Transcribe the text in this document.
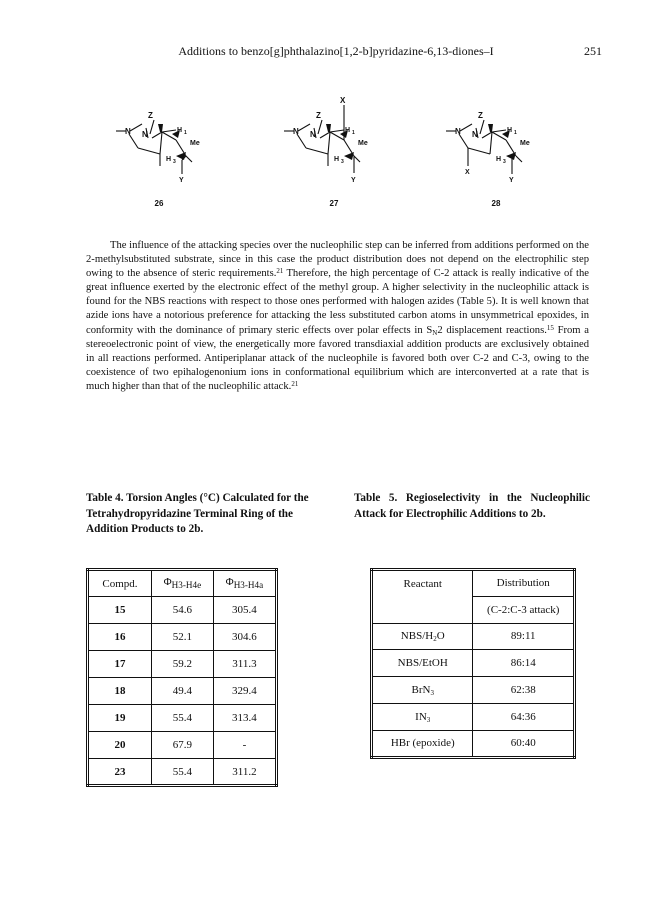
Additions to benzo[g]phthalazino[1,2-b]pyridazine-6,13-diones–I	251
Z
N N	H 1
Me
H 3
Y
X
Z
N N	H 1
Me
H 3
Y
Z
N N	H 1
Me
H 3
X
Y
26	27	28

The influence of the attacking species over the nucleophilic step can be inferred from additions performed on the 2-methylsubstituted substrate, since in this case the product distribution does not depend on the electrophilic step owing to the absence of steric requirements.$^{21}$ Therefore, the high percentage of C-2 attack is really indicative of the great influence exerted by the electronic effect of the methyl group. A higher selectivity in the nucleophilic attack is found for the NBS reactions with respect to those ones performed with halogen azides (Table 5). It is well known that azide ions have a notorious preference for attacking the less substituted carbon atoms in unsymmetrical epoxides, in conformity with the dominance of primary steric effects over polar effects in $S_N2$ displacement reactions.$^{15}$ From a stereoelectronic point of view, the energetically more favored transdiaxial addition products are exclusively obtained in all reactions performed. Antiperiplanar attack of the nucleophile is favored both over C-2 and C-3, owing to the coexistence of two epihalogenonium ions in conformational equilibrium which are interconverted at a rate that is much higher than that of the nucleophilic attack.$^{21}$

Table 4. Torsion Angles (°C) Calculated for the Tetrahydropyridazine Terminal Ring of the Addition Products to 2b.
Table 5. Regioselectivity in the Nucleophilic Attack for Electrophilic Additions to 2b.
Compd.	$\Phi_{H3-H4e}$	$\Phi_{H3-H4a}$
15	54.6	305.4
16	52.1	304.6
17	59.2	311.3
18	49.4	329.4
19	55.4	313.4
20	67.9	-
23	55.4	311.2
Reactant	Distribution
	(C-2:C-3 attack)
NBS/$H_2O$	89:11
NBS/EtOH	86:14
BrN$_3$	62:38
$IN_3$	64:36
HBr (epoxide)	60:40
